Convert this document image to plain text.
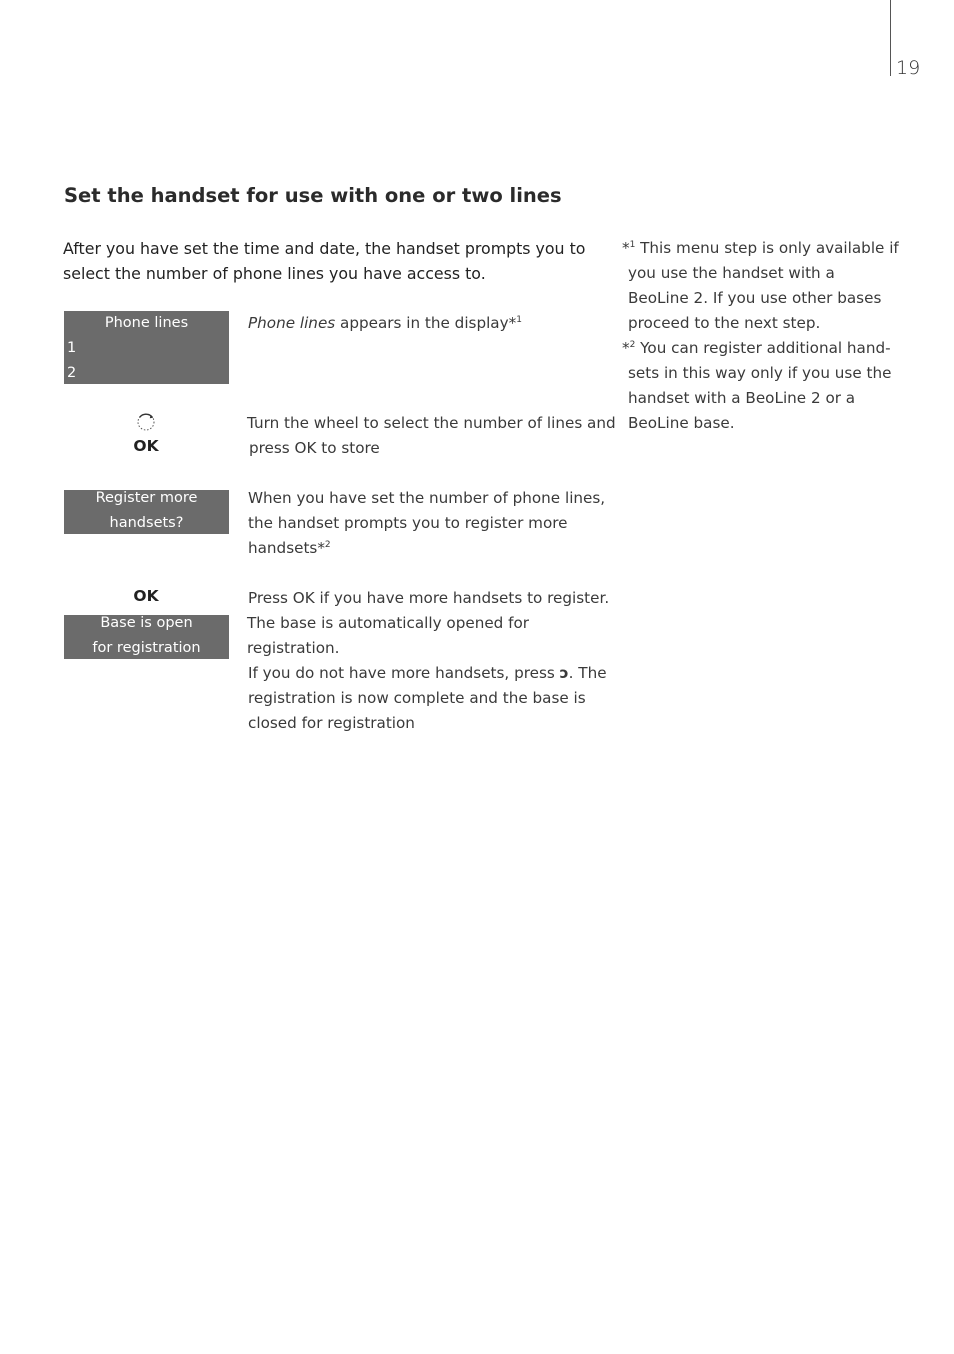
19
Set the handset for use with one or two lines
After you have set the time and date, the handset prompts you to select the number of phone lines you have access to.
Phone lines
1
2
Phone lines appears in the display*$^1$
OK
Turn the wheel to select the number of lines and
press OK to store
Register more
handsets?
When you have set the number of phone lines,
the handset prompts you to register more
handsets*$^2$
OK
Base is open
for registration
Press OK if you have more handsets to register.
The base is automatically opened for registration.
If you do not have more handsets, press ↄ. The
registration is now complete and the base is
closed for registration
*$^1$ This menu step is only available if
you use the handset with a
BeoLine 2. If you use other bases
proceed to the next step.
*$^2$ You can register additional hand-
sets in this way only if you use the
handset with a BeoLine 2 or a
BeoLine base.
